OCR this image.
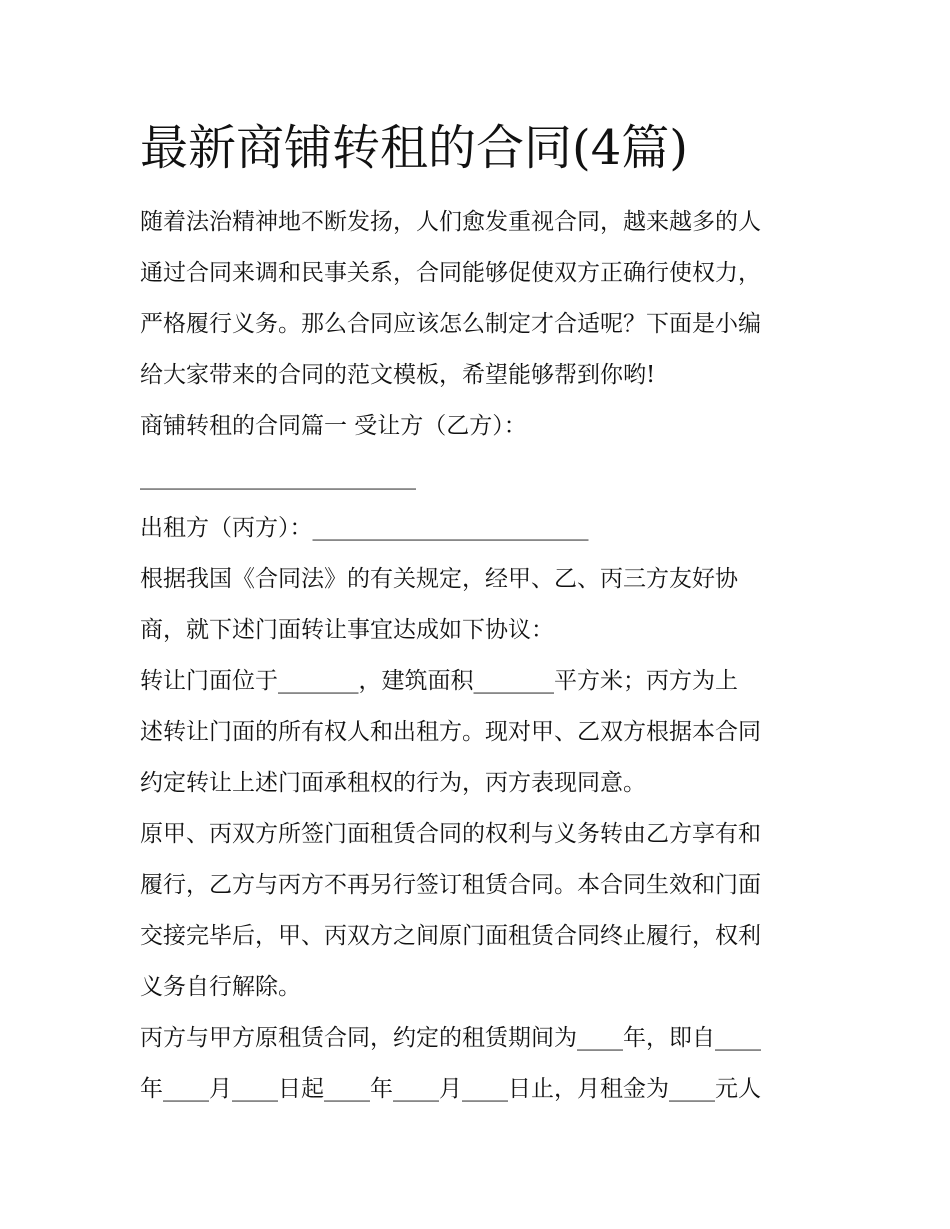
最新商铺转租的合同(4篇)
随着法治精神地不断发扬，人们愈发重视合同，越来越多的人
通过合同来调和民事关系，合同能够促使双方正确行使权力，
严格履行义务。那么合同应该怎么制定才合适呢？下面是小编
给大家带来的合同的范文模板，希望能够帮到你哟!
商铺转租的合同篇一 受让方（乙方）：
________________________
出租方（丙方）：________________________
根据我国《合同法》的有关规定，经甲、乙、丙三方友好协
商，就下述门面转让事宜达成如下协议：
转让门面位于_______，建筑面积_______平方米；丙方为上
述转让门面的所有权人和出租方。现对甲、乙双方根据本合同
约定转让上述门面承租权的行为，丙方表现同意。
原甲、丙双方所签门面租赁合同的权利与义务转由乙方享有和
履行，乙方与丙方不再另行签订租赁合同。本合同生效和门面
交接完毕后，甲、丙双方之间原门面租赁合同终止履行，权利
义务自行解除。
丙方与甲方原租赁合同，约定的租赁期间为____年，即自____
年____月____日起____年____月____日止，月租金为____元人
